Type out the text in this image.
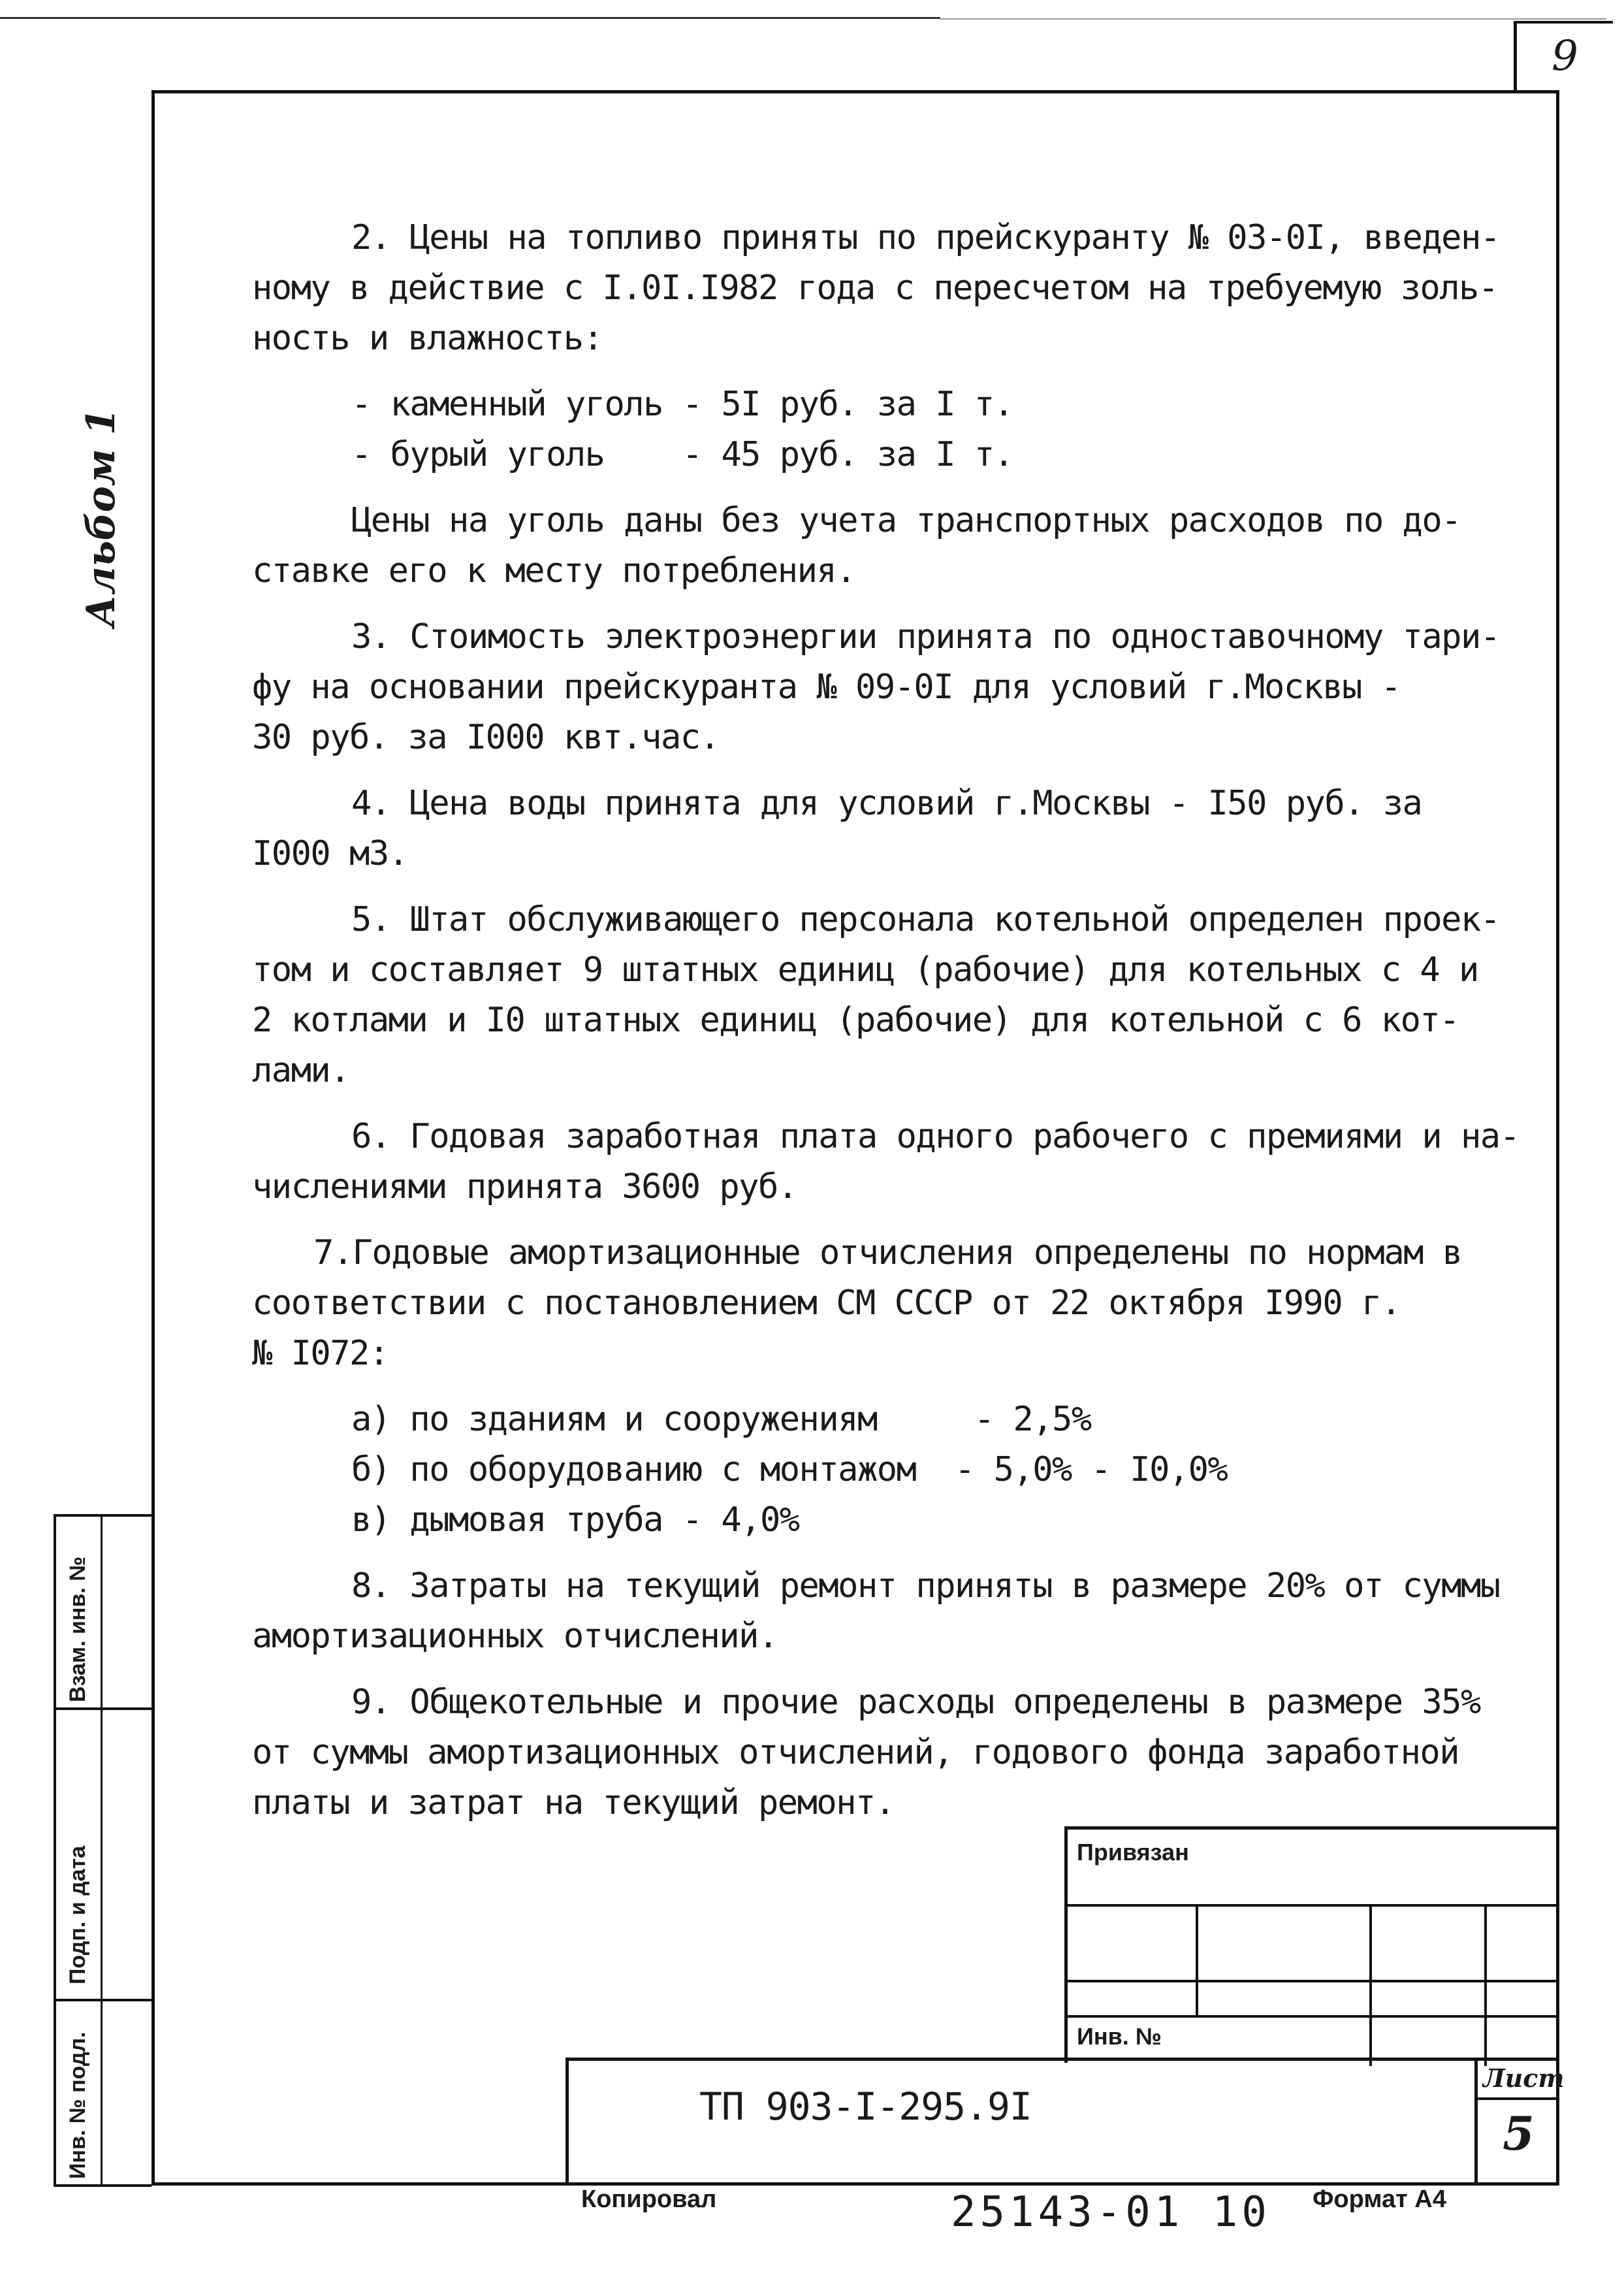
9
Альбом 1
Взам. инв. №
Подп. и дата
Инв. № подл.

2. Цены на топливо приняты по прейскуранту № 03-0I, введен-

ному в действие с I.0I.I982 года с пересчетом на требуемую золь-

ность и влажность:

- каменный уголь - 5I руб. за I т.

- бурый уголь    - 45 руб. за I т.

Цены на уголь даны без учета транспортных расходов по до-

ставке его к месту потребления.

3. Стоимость электроэнергии принята по одноставочному тари-

фу на основании прейскуранта № 09-0I для условий г.Москвы -

30 руб. за I000 квт.час.

4. Цена воды принята для условий г.Москвы - I50 руб. за

I000 м3.

5. Штат обслуживающего персонала котельной определен проек-

том и составляет 9 штатных единиц (рабочие) для котельных с 4 и

2 котлами и I0 штатных единиц (рабочие) для котельной с 6 кот-

лами.

6. Годовая заработная плата одного рабочего с премиями и на-

числениями принята 3600 руб.

7.Годовые амортизационные отчисления определены по нормам в

соответствии с постановлением СМ СССР от 22 октября I990 г.

№ I072:

а) по зданиям и сооружениям     - 2,5%

б) по оборудованию с монтажом  - 5,0% - I0,0%

в) дымовая труба - 4,0%

8. Затраты на текущий ремонт приняты в размере 20% от суммы

амортизационных отчислений.

9. Общекотельные и прочие расходы определены в размере 35%

от суммы амортизационных отчислений, годового фонда заработной

платы и затрат на текущий ремонт.

Привязан
Инв. №
ТП 903-I-295.9I
Лист
5
Копировал	25143-01 10 Формат А4
